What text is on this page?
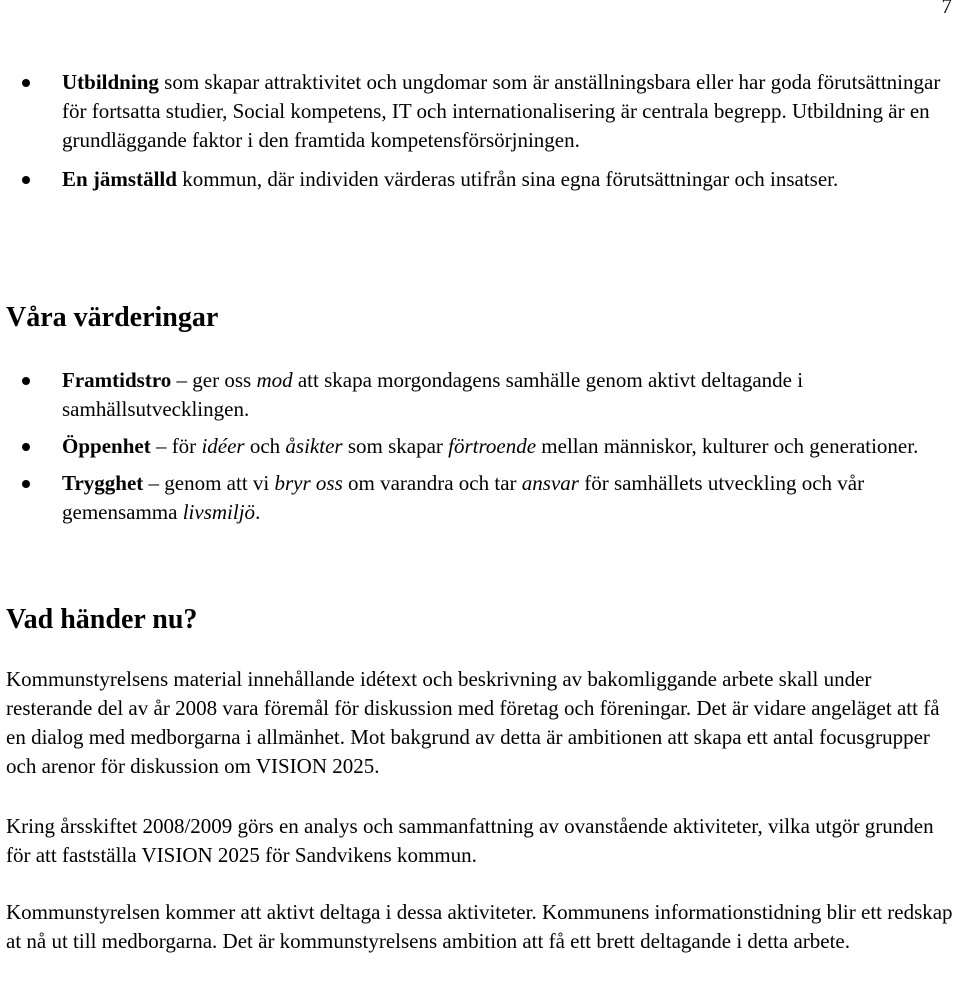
7
Utbildning som skapar attraktivitet och ungdomar som är anställningsbara eller har goda förutsättningar för fortsatta studier, Social kompetens, IT och internationalisering är centrala begrepp. Utbildning är en grundläggande faktor i den framtida kompetensförsörjningen.
En jämställd kommun, där individen värderas utifrån sina egna förutsättningar och insatser.
Våra värderingar
Framtidstro – ger oss mod att skapa morgondagens samhälle genom aktivt deltagande i samhällsutvecklingen.
Öppenhet – för idéer och åsikter som skapar förtroende mellan människor, kulturer och generationer.
Trygghet – genom att vi bryr oss om varandra och tar ansvar för samhällets utveckling och vår gemensamma livsmiljö.
Vad händer nu?

Kommunstyrelsens material innehållande idétext och beskrivning av bakomliggande arbete skall under resterande del av år 2008 vara föremål för diskussion med företag och föreningar. Det är vidare angeläget att få en dialog med medborgarna i allmänhet. Mot bakgrund av detta är ambitionen att skapa ett antal focusgrupper och arenor för diskussion om VISION 2025.

Kring årsskiftet 2008/2009 görs en analys och sammanfattning av ovanstående aktiviteter, vilka utgör grunden för att fastställa VISION 2025 för Sandvikens kommun.

Kommunstyrelsen kommer att aktivt deltaga i dessa aktiviteter. Kommunens informationstidning blir ett redskap at nå ut till medborgarna. Det är kommunstyrelsens ambition att få ett brett deltagande i detta arbete.
